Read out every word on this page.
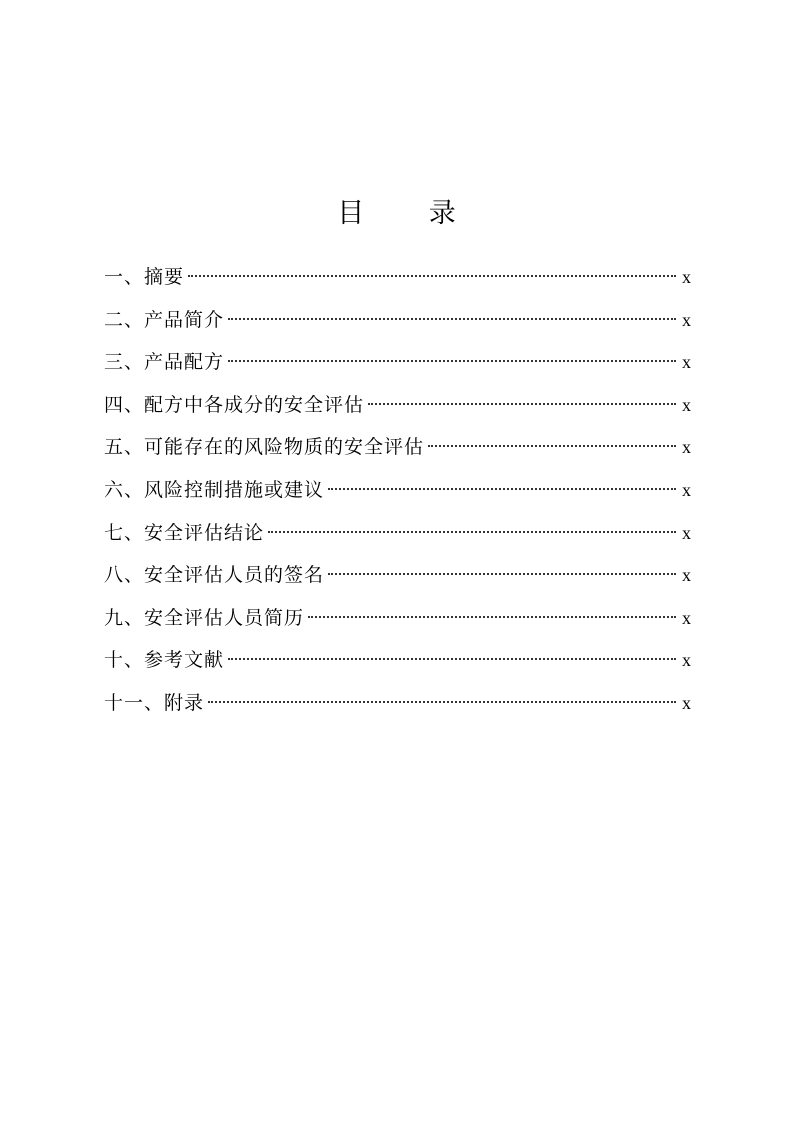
目 录
一、摘要	x
二、产品简介	x
三、产品配方	x
四、配方中各成分的安全评估	x
五、可能存在的风险物质的安全评估	x
六、风险控制措施或建议	x
七、安全评估结论	x
八、安全评估人员的签名	x
九、安全评估人员简历	x
十、参考文献	x
十一、附录	x
